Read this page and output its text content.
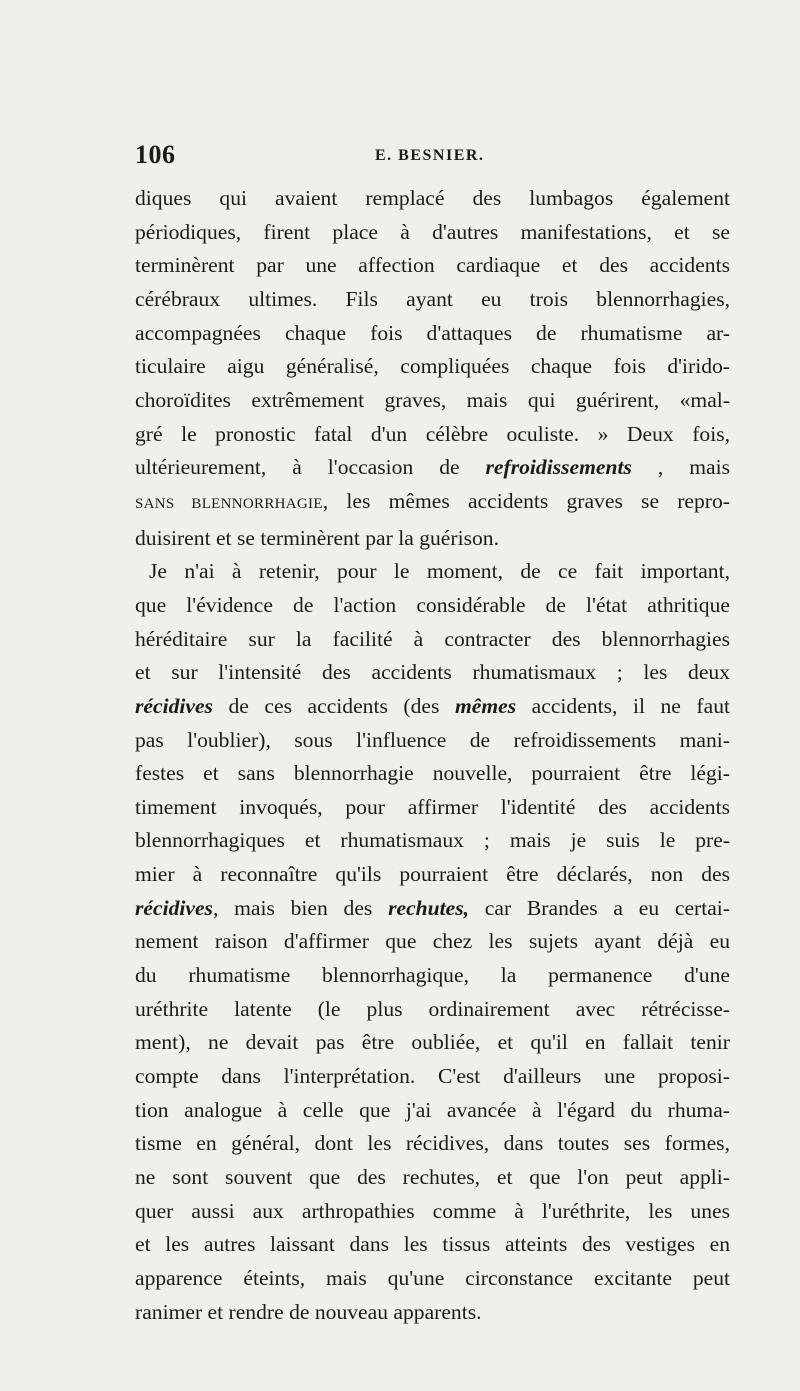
106	E. BESNIER.
diques qui avaient remplacé des lumbagos également
périodiques, firent place à d'autres manifestations, et se
terminèrent par une affection cardiaque et des accidents
cérébraux ultimes. Fils ayant eu trois blennorrhagies,
accompagnées chaque fois d'attaques de rhumatisme ar-
ticulaire aigu généralisé, compliquées chaque fois d'irido-
choroïdites extrêmement graves, mais qui guérirent, «mal-
gré le pronostic fatal d'un célèbre oculiste. » Deux fois,
ultérieurement, à l'occasion de refroidissements , mais
SANS BLENNORRHAGIE, les mêmes accidents graves se repro-
duisirent et se terminèrent par la guérison.
Je n'ai à retenir, pour le moment, de ce fait important,
que l'évidence de l'action considérable de l'état athritique
héréditaire sur la facilité à contracter des blennorrhagies
et sur l'intensité des accidents rhumatismaux ; les deux
récidives de ces accidents (des mêmes accidents, il ne faut
pas l'oublier), sous l'influence de refroidissements mani-
festes et sans blennorrhagie nouvelle, pourraient être légi-
timement invoqués, pour affirmer l'identité des accidents
blennorrhagiques et rhumatismaux ; mais je suis le pre-
mier à reconnaître qu'ils pourraient être déclarés, non des
récidives, mais bien des rechutes, car Brandes a eu certai-
nement raison d'affirmer que chez les sujets ayant déjà eu
du rhumatisme blennorrhagique, la permanence d'une
uréthrite latente (le plus ordinairement avec rétrécisse-
ment), ne devait pas être oubliée, et qu'il en fallait tenir
compte dans l'interprétation. C'est d'ailleurs une proposi-
tion analogue à celle que j'ai avancée à l'égard du rhuma-
tisme en général, dont les récidives, dans toutes ses formes,
ne sont souvent que des rechutes, et que l'on peut appli-
quer aussi aux arthropathies comme à l'uréthrite, les unes
et les autres laissant dans les tissus atteints des vestiges en
apparence éteints, mais qu'une circonstance excitante peut
ranimer et rendre de nouveau apparents.
